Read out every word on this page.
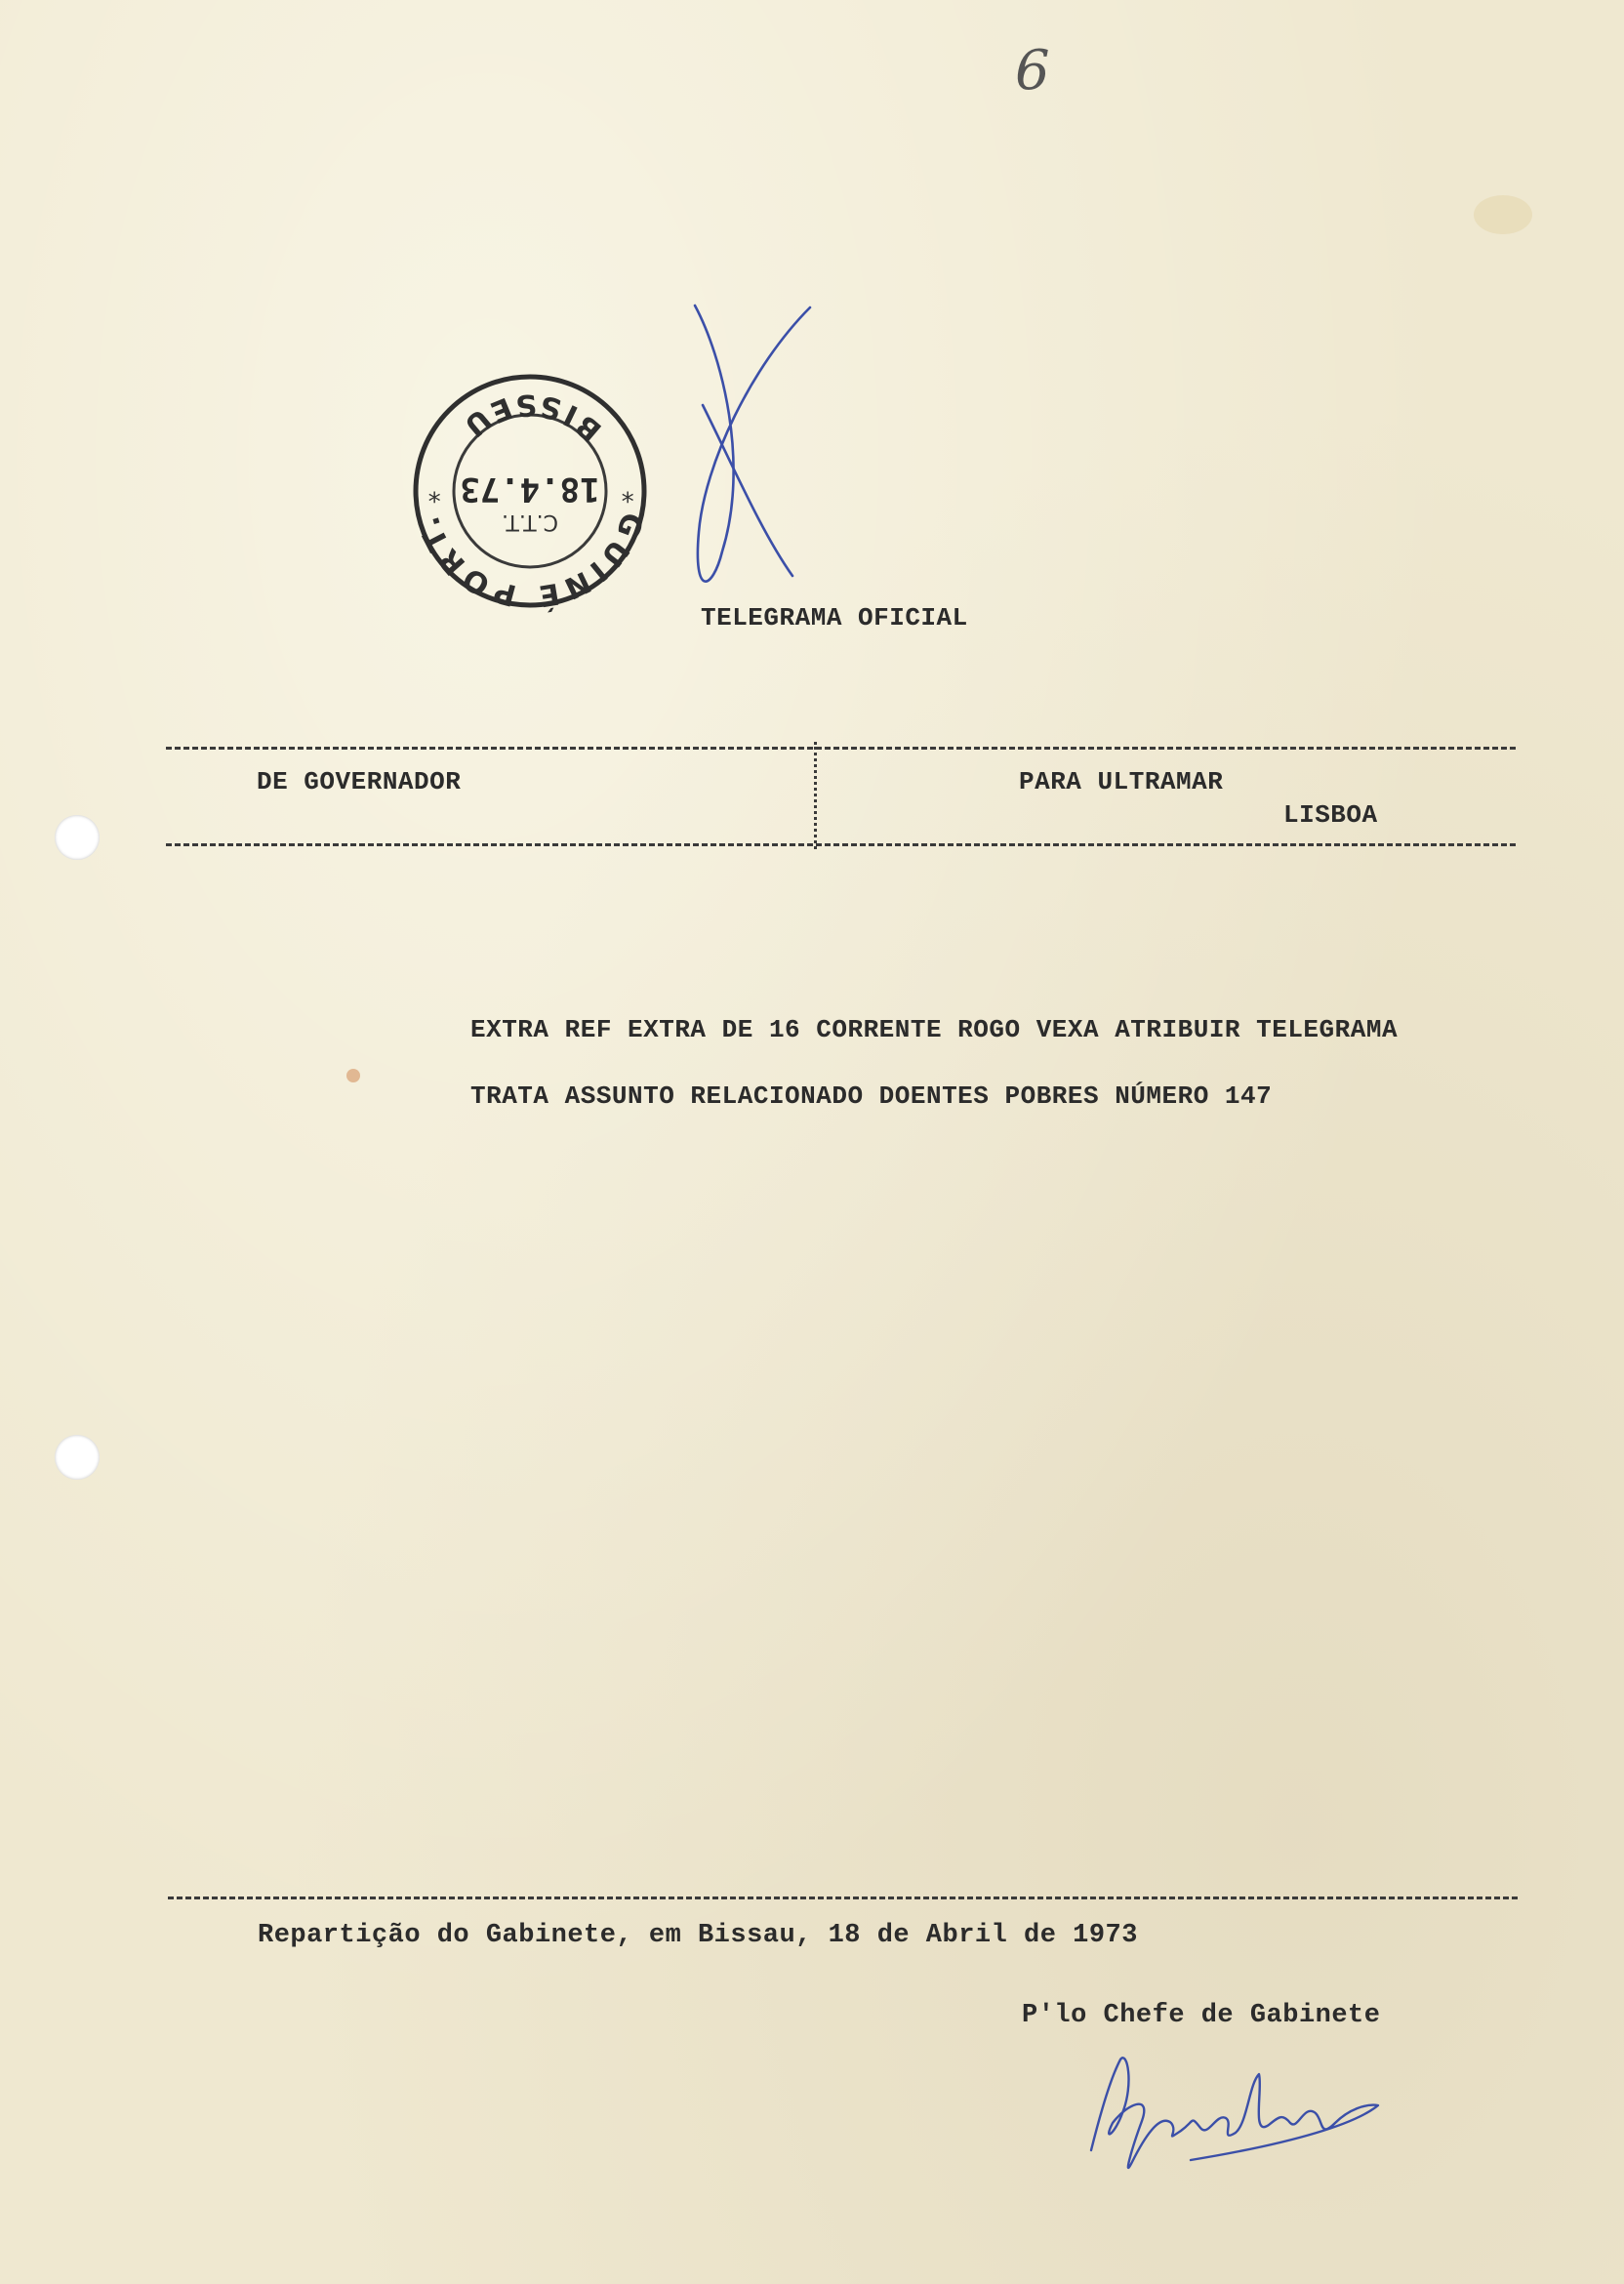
6
GUINÉ PORT.
BISSEU
C.T.T.
18.4.73 *
*
TELEGRAMA OFICIAL
DE GOVERNADOR	PARA ULTRAMAR
LISBOA
EXTRA REF EXTRA DE 16 CORRENTE ROGO VEXA ATRIBUIR TELEGRAMA
TRATA ASSUNTO RELACIONADO DOENTES POBRES NÚMERO 147
Repartição do Gabinete, em Bissau, 18 de Abril de 1973
P'lo Chefe de Gabinete
